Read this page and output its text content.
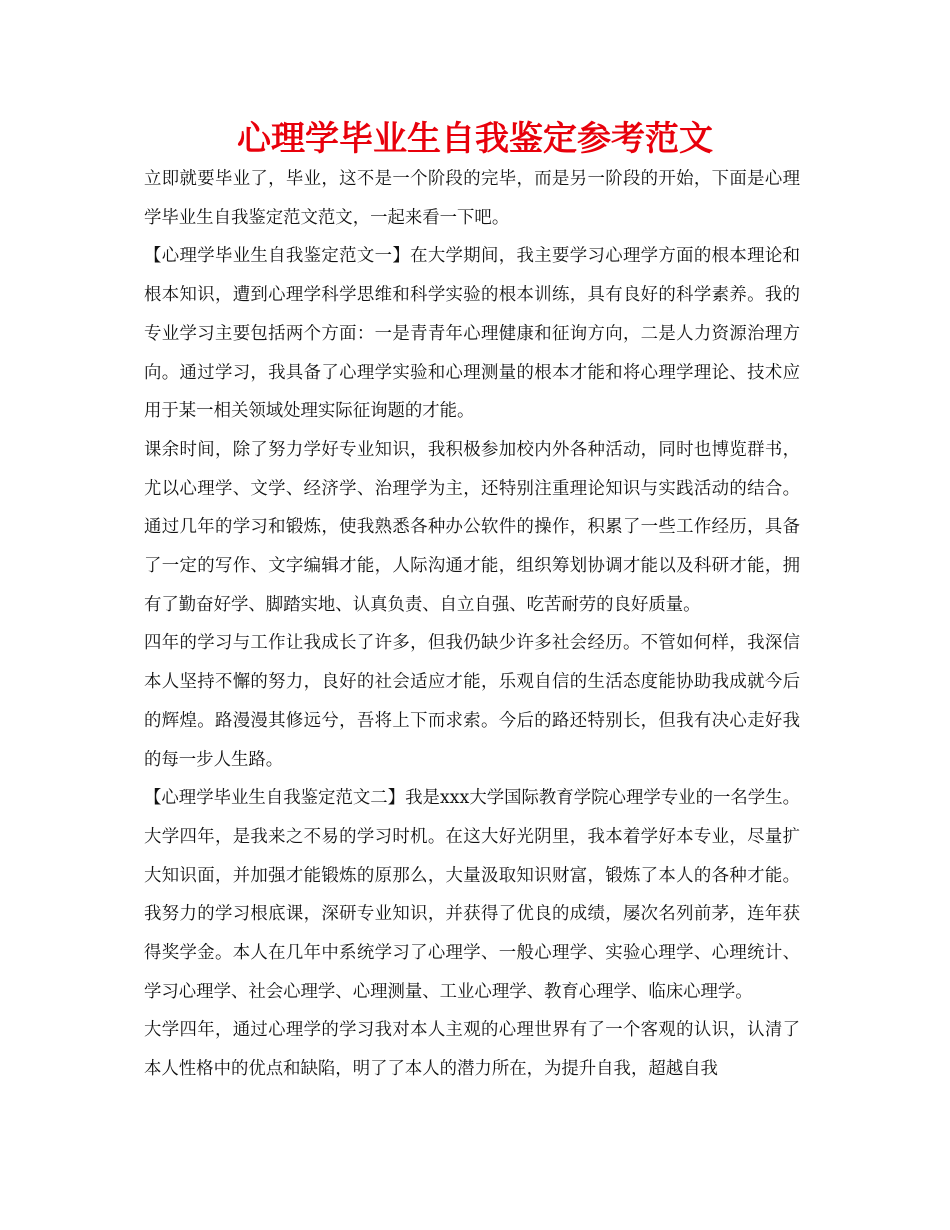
心理学毕业生自我鉴定参考范文

立即就要毕业了，毕业，这不是一个阶段的完毕，而是另一阶段的开始，下面是心理学毕业生自我鉴定范文范文，一起来看一下吧。

【心理学毕业生自我鉴定范文一】在大学期间，我主要学习心理学方面的根本理论和根本知识，遭到心理学科学思维和科学实验的根本训练，具有良好的科学素养。我的专业学习主要包括两个方面：一是青青年心理健康和征询方向，二是人力资源治理方向。通过学习，我具备了心理学实验和心理测量的根本才能和将心理学理论、技术应用于某一相关领域处理实际征询题的才能。

课余时间，除了努力学好专业知识，我积极参加校内外各种活动，同时也博览群书，尤以心理学、文学、经济学、治理学为主，还特别注重理论知识与实践活动的结合。通过几年的学习和锻炼，使我熟悉各种办公软件的操作，积累了一些工作经历，具备了一定的写作、文字编辑才能，人际沟通才能，组织筹划协调才能以及科研才能，拥有了勤奋好学、脚踏实地、认真负责、自立自强、吃苦耐劳的良好质量。

四年的学习与工作让我成长了许多，但我仍缺少许多社会经历。不管如何样，我深信本人坚持不懈的努力，良好的社会适应才能，乐观自信的生活态度能协助我成就今后的辉煌。路漫漫其修远兮，吾将上下而求索。今后的路还特别长，但我有决心走好我的每一步人生路。

【心理学毕业生自我鉴定范文二】我是xxx大学国际教育学院心理学专业的一名学生。大学四年，是我来之不易的学习时机。在这大好光阴里，我本着学好本专业，尽量扩大知识面，并加强才能锻炼的原那么，大量汲取知识财富，锻炼了本人的各种才能。我努力的学习根底课，深研专业知识，并获得了优良的成绩，屡次名列前茅，连年获得奖学金。本人在几年中系统学习了心理学、一般心理学、实验心理学、心理统计、学习心理学、社会心理学、心理测量、工业心理学、教育心理学、临床心理学。

大学四年，通过心理学的学习我对本人主观的心理世界有了一个客观的认识，认清了本人性格中的优点和缺陷，明了了本人的潜力所在，为提升自我，超越自我
